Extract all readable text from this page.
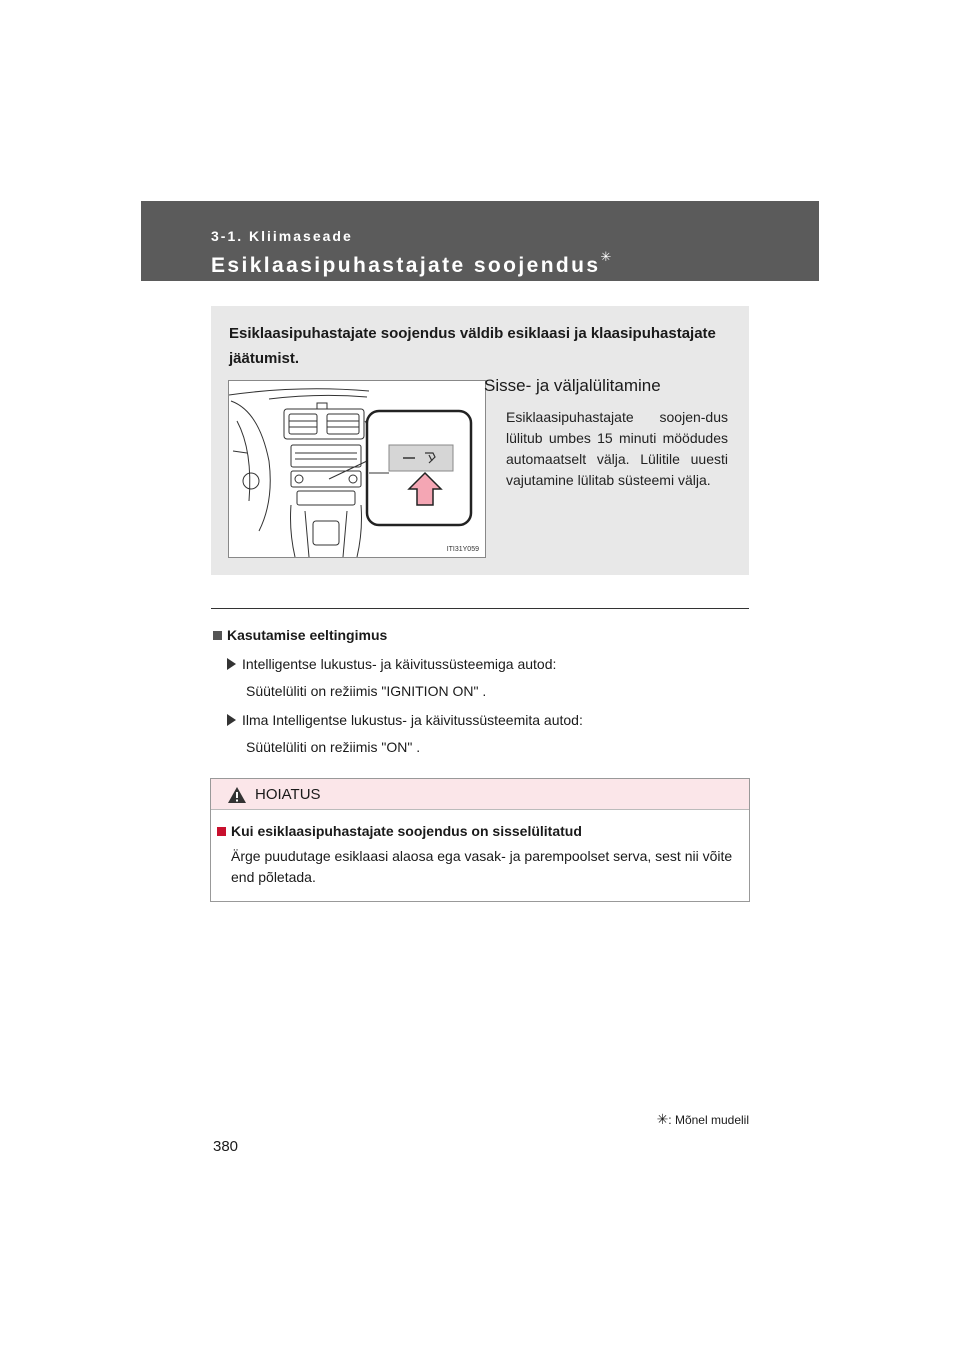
3-1. Kliimaseade
Esiklaasipuhastajate soojendus✳
Esiklaasipuhastajate soojendus väldib esiklaasi ja klaasipuhastajate jäätumist.
ITI31Y059
Sisse- ja väljalülitamine
Esiklaasipuhastajate soojen-dus lülitub umbes 15 minuti möödudes automaatselt välja. Lülitile uuesti vajutamine lülitab süsteemi välja.
Kasutamise eeltingimus
Intelligentse lukustus- ja käivitussüsteemiga autod:
Süütelüliti on režiimis "IGNITION ON" .
Ilma Intelligentse lukustus- ja käivitussüsteemita autod:
Süütelüliti on režiimis "ON" .
HOIATUS
Kui esiklaasipuhastajate soojendus on sisselülitatud
Ärge puudutage esiklaasi alaosa ega vasak- ja parempoolset serva, sest nii võite end põletada.
✳: Mõnel mudelil
380
